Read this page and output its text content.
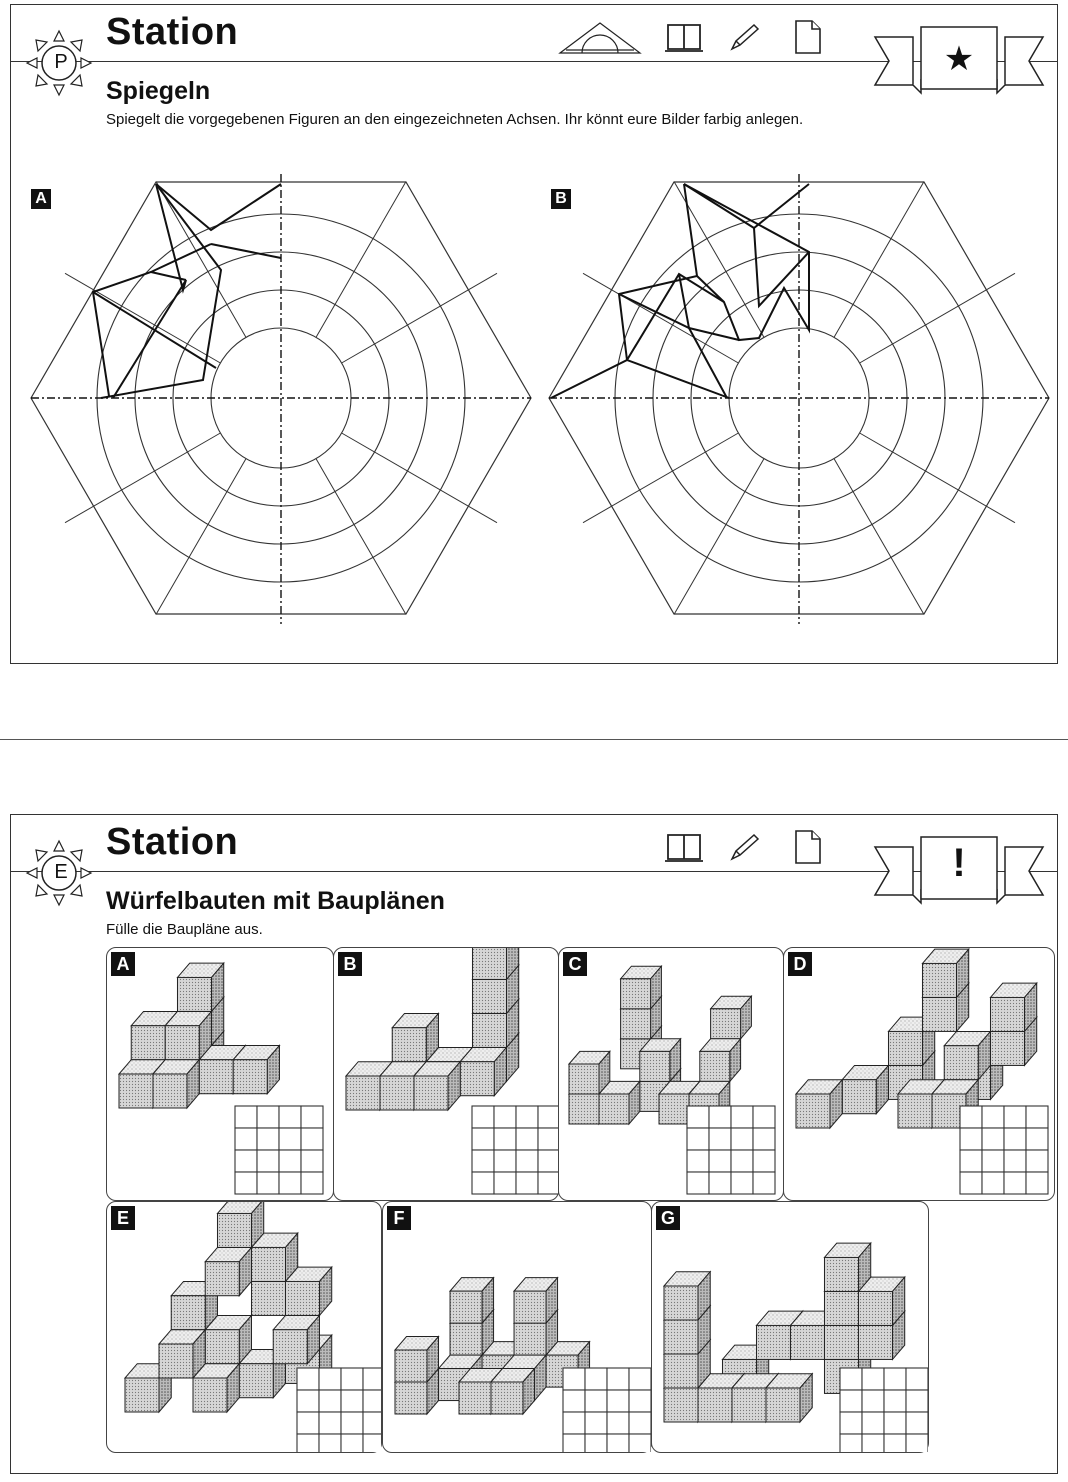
P
Station
★
Spiegeln
Spiegelt die vorgegebenen Figuren an den eingezeichneten Achsen. Ihr könnt eure Bilder farbig anlegen.
A	B
E
Station	!
Würfelbauten mit Bauplänen
Fülle die Baupläne aus.
A	B	C	D
E	F	G
